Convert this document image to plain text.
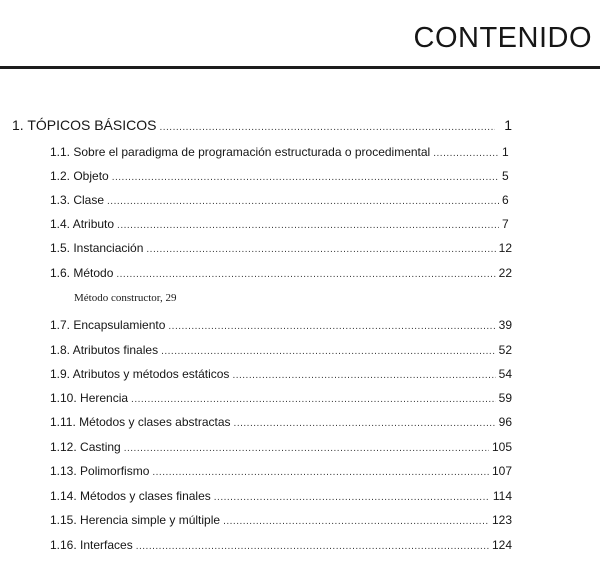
CONTENIDO
1. TÓPICOS BÁSICOS .....	1
1.1. Sobre el paradigma de programación estructurada o procedimental .....	1
1.2. Objeto .....	5
1.3. Clase .....	6
1.4. Atributo .....	7
1.5. Instanciación .....	12
1.6. Método .....	22
Método constructor, 29
1.7. Encapsulamiento .....	39
1.8. Atributos finales .....	52
1.9. Atributos y métodos estáticos .....	54
1.10. Herencia .....	59
1.11. Métodos y clases abstractas .....	96
1.12. Casting .....	105
1.13. Polimorfismo .....	107
1.14. Métodos y clases finales .....	114
1.15. Herencia simple y múltiple .....	123
1.16. Interfaces .....	124
